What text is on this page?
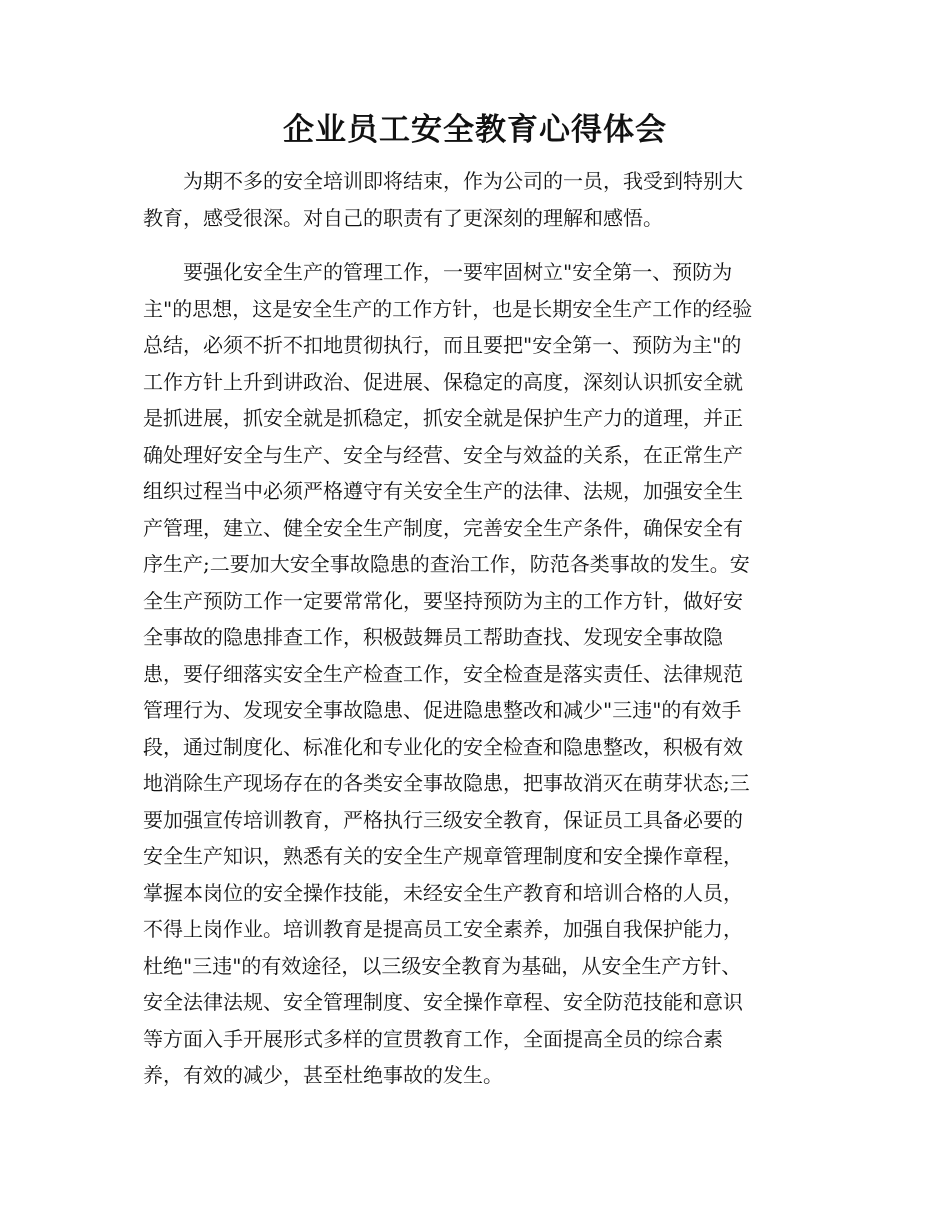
企业员工安全教育心得体会
为期不多的安全培训即将结束，作为公司的一员，我受到特别大
教育，感受很深。对自己的职责有了更深刻的理解和感悟。
要强化安全生产的管理工作，一要牢固树立"安全第一、预防为
主"的思想，这是安全生产的工作方针，也是长期安全生产工作的经验
总结，必须不折不扣地贯彻执行，而且要把"安全第一、预防为主"的
工作方针上升到讲政治、促进展、保稳定的高度，深刻认识抓安全就
是抓进展，抓安全就是抓稳定，抓安全就是保护生产力的道理，并正
确处理好安全与生产、安全与经营、安全与效益的关系，在正常生产
组织过程当中必须严格遵守有关安全生产的法律、法规，加强安全生
产管理，建立、健全安全生产制度，完善安全生产条件，确保安全有
序生产;二要加大安全事故隐患的查治工作，防范各类事故的发生。安
全生产预防工作一定要常常化，要坚持预防为主的工作方针，做好安
全事故的隐患排查工作，积极鼓舞员工帮助查找、发现安全事故隐
患，要仔细落实安全生产检查工作，安全检查是落实责任、法律规范
管理行为、发现安全事故隐患、促进隐患整改和减少"三违"的有效手
段，通过制度化、标准化和专业化的安全检查和隐患整改，积极有效
地消除生产现场存在的各类安全事故隐患，把事故消灭在萌芽状态;三
要加强宣传培训教育，严格执行三级安全教育，保证员工具备必要的
安全生产知识，熟悉有关的安全生产规章管理制度和安全操作章程，
掌握本岗位的安全操作技能，未经安全生产教育和培训合格的人员，
不得上岗作业。培训教育是提高员工安全素养，加强自我保护能力，
杜绝"三违"的有效途径，以三级安全教育为基础，从安全生产方针、
安全法律法规、安全管理制度、安全操作章程、安全防范技能和意识
等方面入手开展形式多样的宣贯教育工作，全面提高全员的综合素
养，有效的减少，甚至杜绝事故的发生。
